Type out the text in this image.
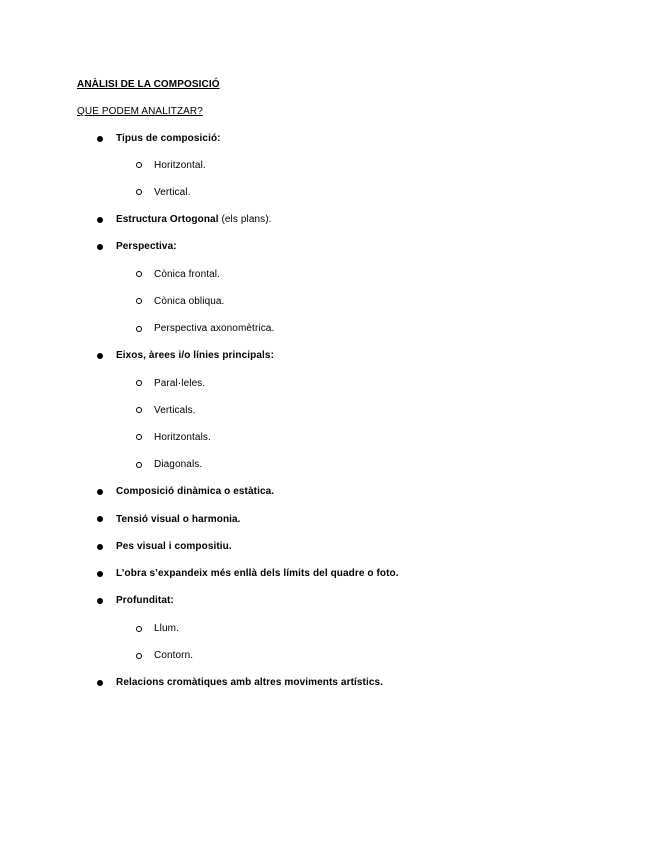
ANÀLISI DE LA COMPOSICIÓ
QUE PODEM ANALITZAR?
Tipus de composició:
Horitzontal.
Vertical.
Estructura Ortogonal (els plans).
Perspectiva:
Cònica frontal.
Cònica obliqua.
Perspectiva axonomètrica.
Eixos, àrees i/o línies principals:
Paral·leles.
Verticals.
Horitzontals.
Diagonals.
Composició dinàmica o estàtica.
Tensió visual o harmonia.
Pes visual i compositiu.
L’obra s’expandeix més enllà dels límits del quadre o foto.
Profunditat:
Llum.
Contorn.
Relacions cromàtiques amb altres moviments artístics.
